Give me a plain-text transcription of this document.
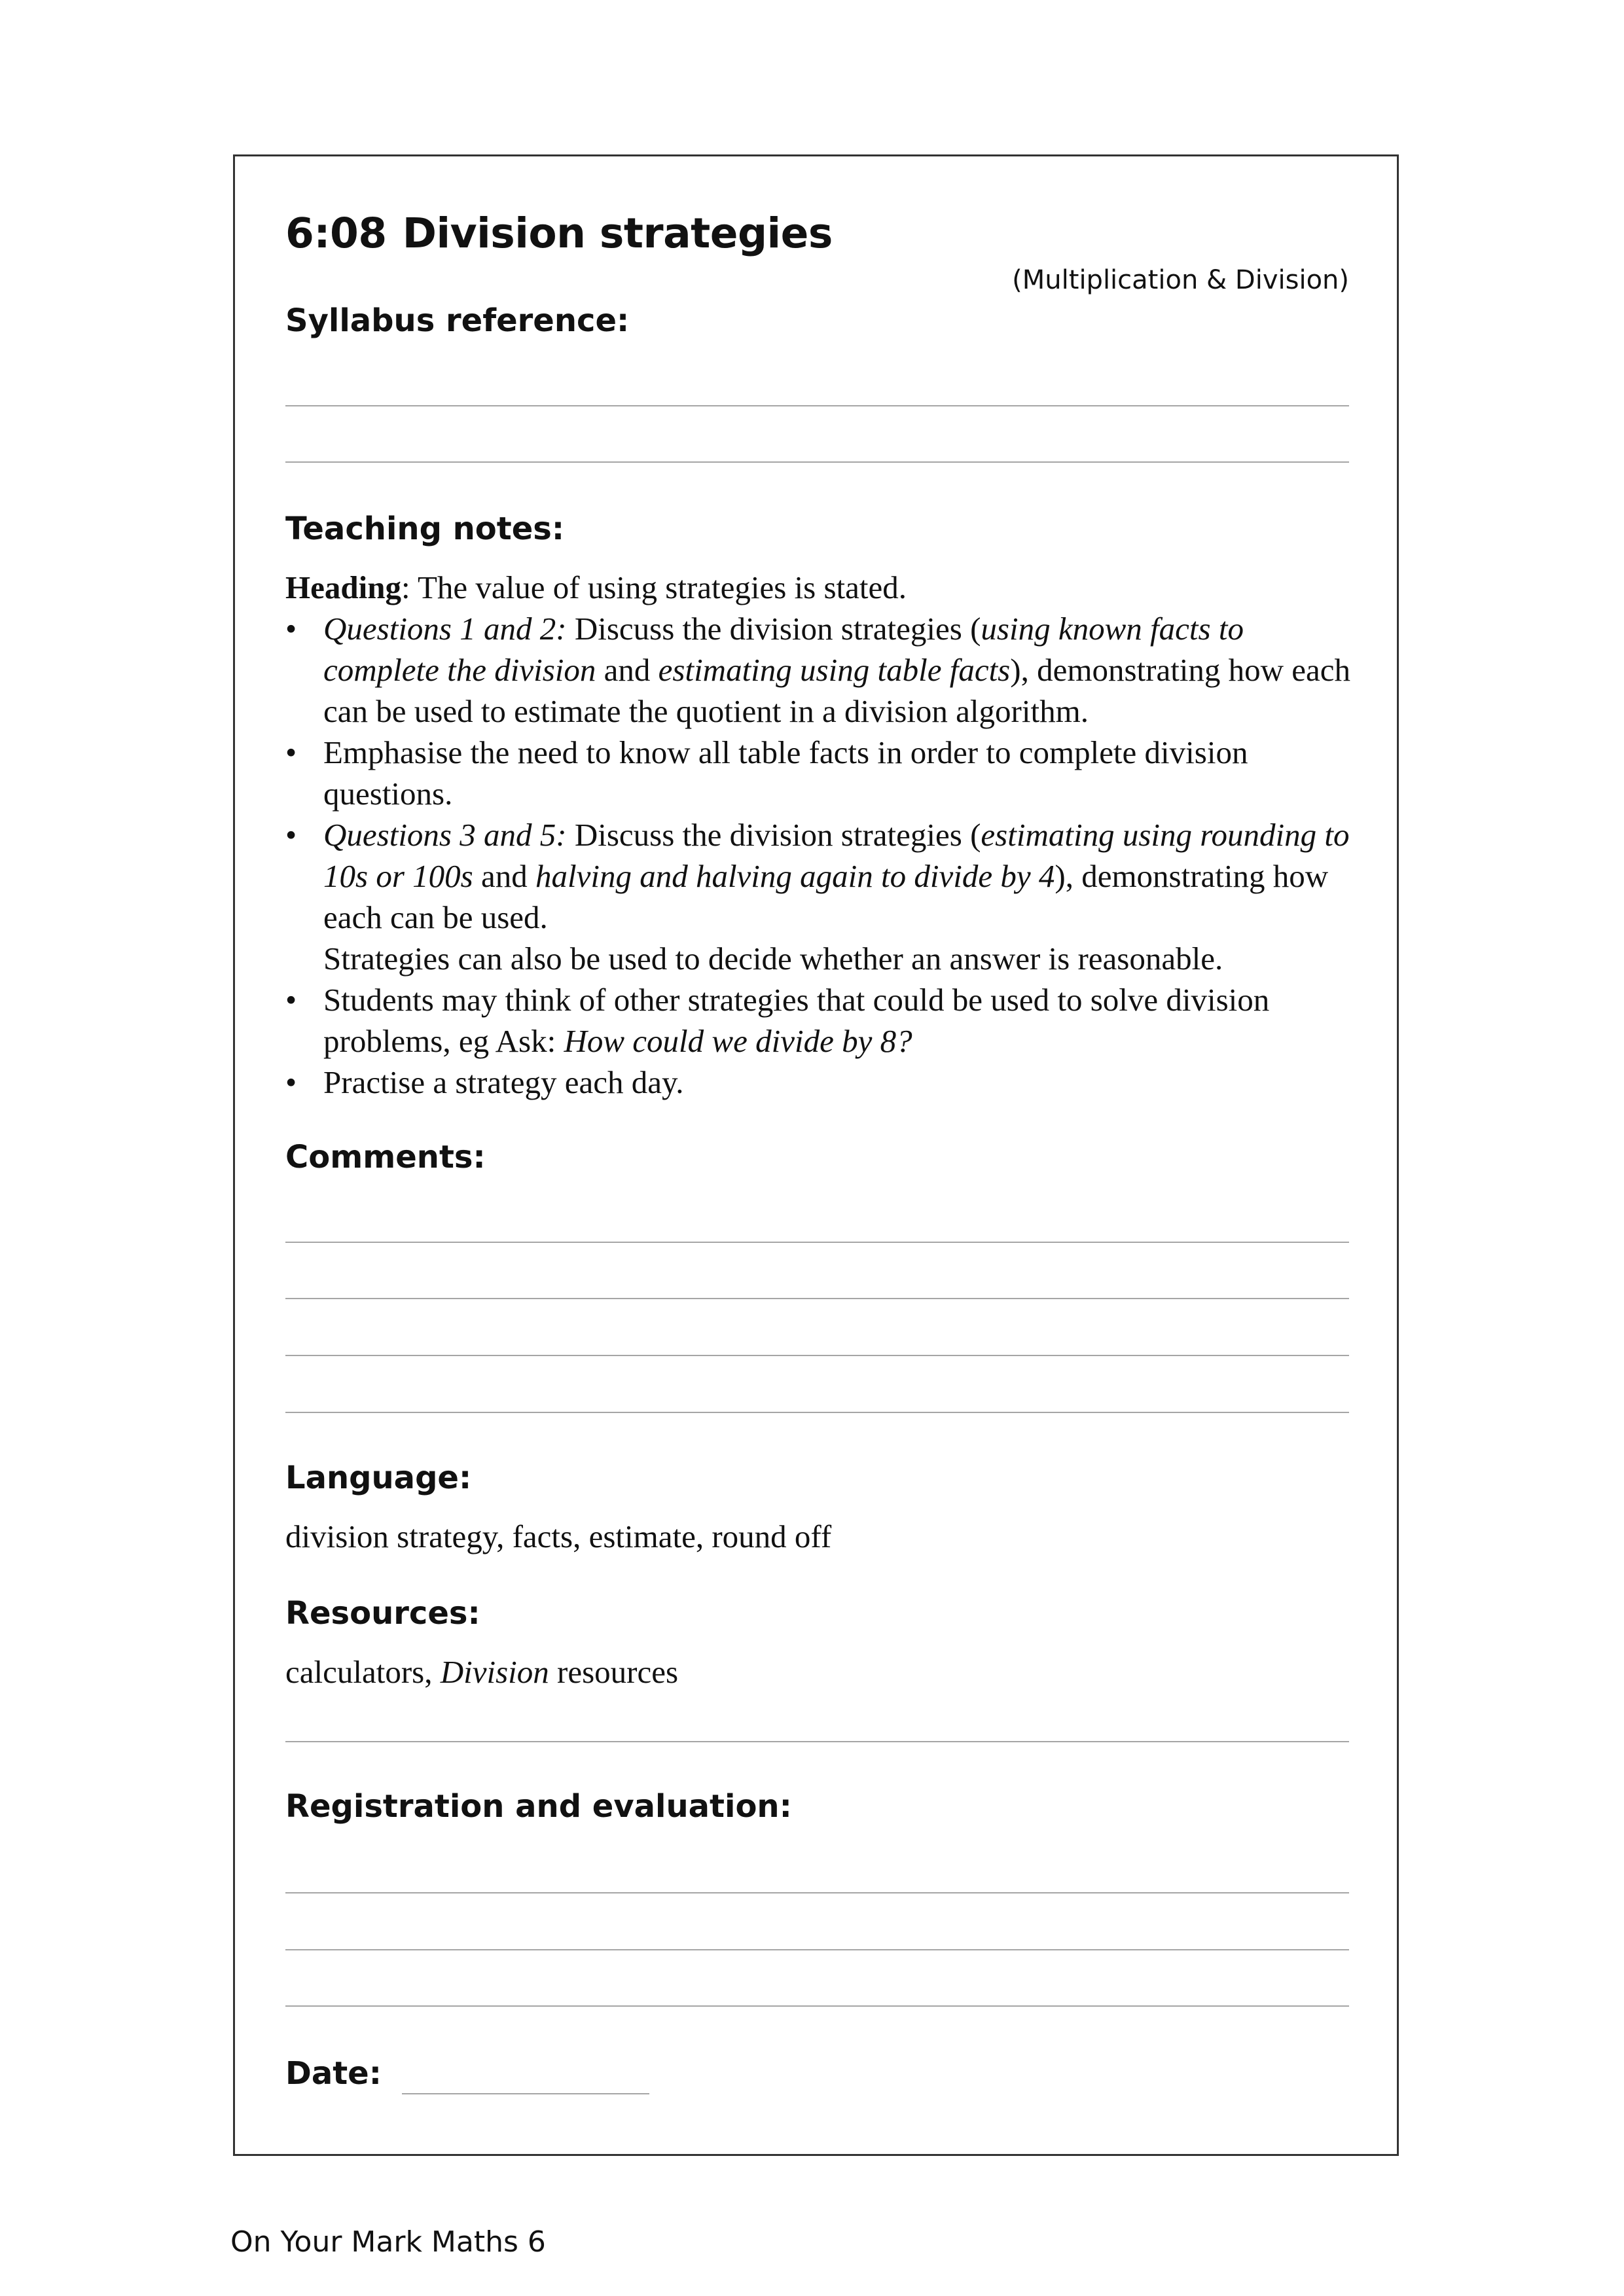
6:08 Division strategies
(Multiplication & Division)
Syllabus reference:
Teaching notes:

Heading: The value of using strategies is stated.

• Questions 1 and 2: Discuss the division strategies (using known facts to complete the division and estimating using table facts), demonstrating how each can be used to estimate the quotient in a division algorithm.
• Emphasise the need to know all table facts in order to complete division questions.
• Questions 3 and 5: Discuss the division strategies (estimating using rounding to 10s or 100s and halving and halving again to divide by 4), demonstrating how each can be used.

Strategies can also be used to decide whether an answer is reasonable.

• Students may think of other strategies that could be used to solve division problems, eg Ask: How could we divide by 8?
• Practise a strategy each day.
Comments:
Language:
division strategy, facts, estimate, round off
Resources:
calculators, Division resources
Registration and evaluation:
Date:
On Your Mark Maths 6
